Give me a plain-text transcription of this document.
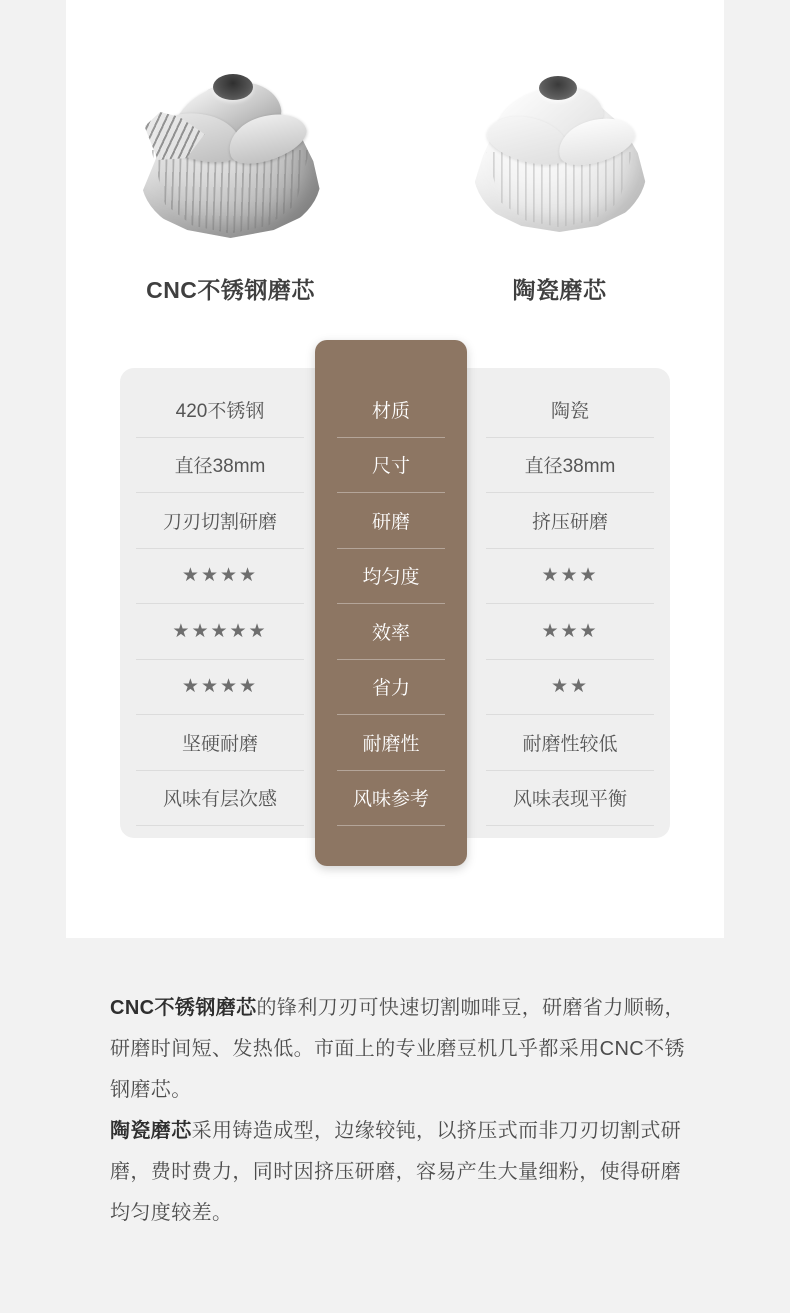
CNC不锈钢磨芯	陶瓷磨芯
420不锈钢
直径38mm
刀刃切割研磨
★★★★
★★★★★
★★★★
坚硬耐磨
风味有层次感
材质
尺寸
研磨
均匀度
效率
省力
耐磨性
风味参考
陶瓷
直径38mm
挤压研磨
★★★
★★★
★★
耐磨性较低
风味表现平衡

CNC不锈钢磨芯的锋利刀刃可快速切割咖啡豆，研磨省力顺畅，研磨时间短、发热低。市面上的专业磨豆机几乎都采用CNC不锈钢磨芯。

陶瓷磨芯采用铸造成型，边缘较钝，以挤压式而非刀刃切割式研磨，费时费力，同时因挤压研磨，容易产生大量细粉，使得研磨均匀度较差。
